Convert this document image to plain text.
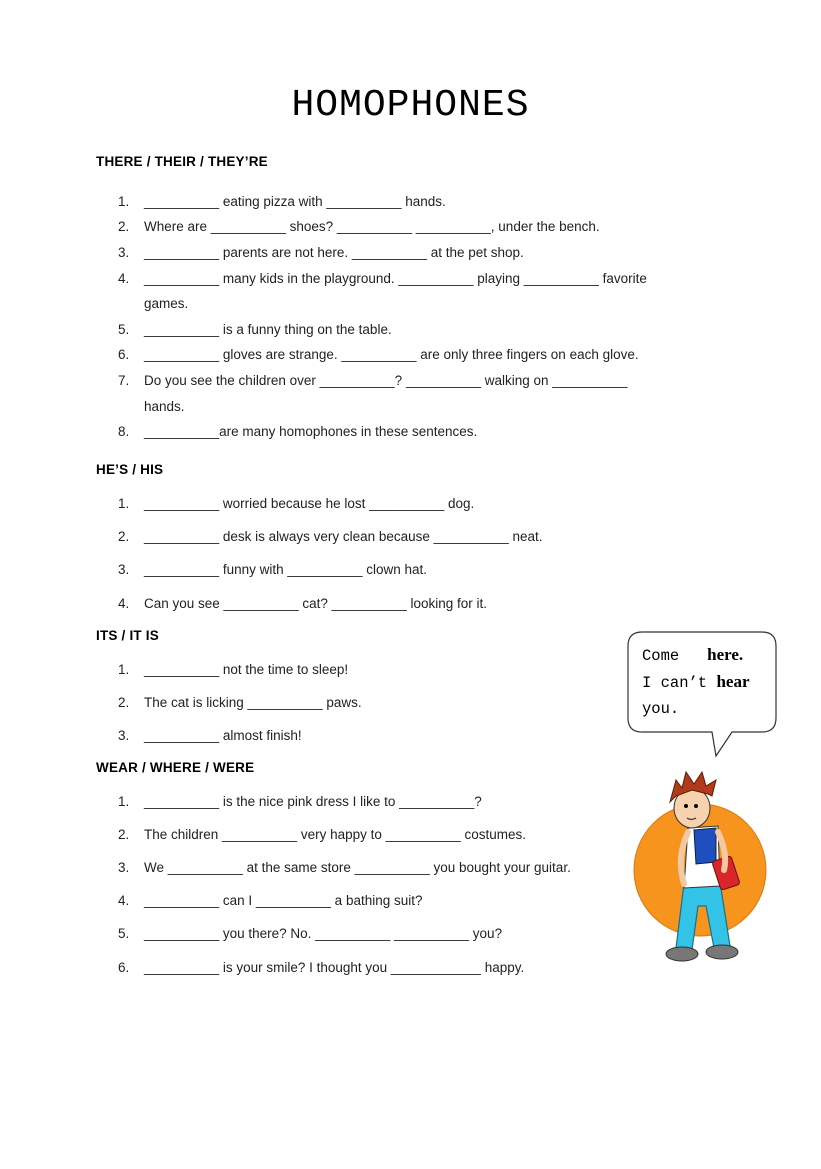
HOMOPHONES
THERE / THEIR / THEY’RE
1. __________ eating pizza with __________ hands.
2. Where are __________ shoes? __________ __________, under the bench.
3. __________ parents are not here. __________ at the pet shop.
4. __________ many kids in the playground. __________ playing __________ favorite
games.
5. __________ is a funny thing on the table.
6. __________ gloves are strange. __________ are only three fingers on each glove.
7. Do you see the children over __________? __________ walking on __________
hands.
8. __________are many homophones in these sentences.
HE’S / HIS
1. __________ worried because he lost __________ dog.
2. __________ desk is always very clean because __________ neat.
3. __________ funny with __________ clown hat.
4. Can you see __________ cat? __________ looking for it.
ITS / IT IS
1. __________ not the time to sleep!
2. The cat is licking __________ paws.
3. __________ almost finish!
WEAR / WHERE / WERE
1. __________ is the nice pink dress I like to __________?
2. The children __________ very happy to __________ costumes.
3. We __________ at the same store __________ you bought your guitar.
4. __________ can I __________ a bathing suit?
5. __________ you there? No. __________ __________ you?
6. __________ is your smile? I thought you ____________ happy.
Come here.
I can’t hear
you.
